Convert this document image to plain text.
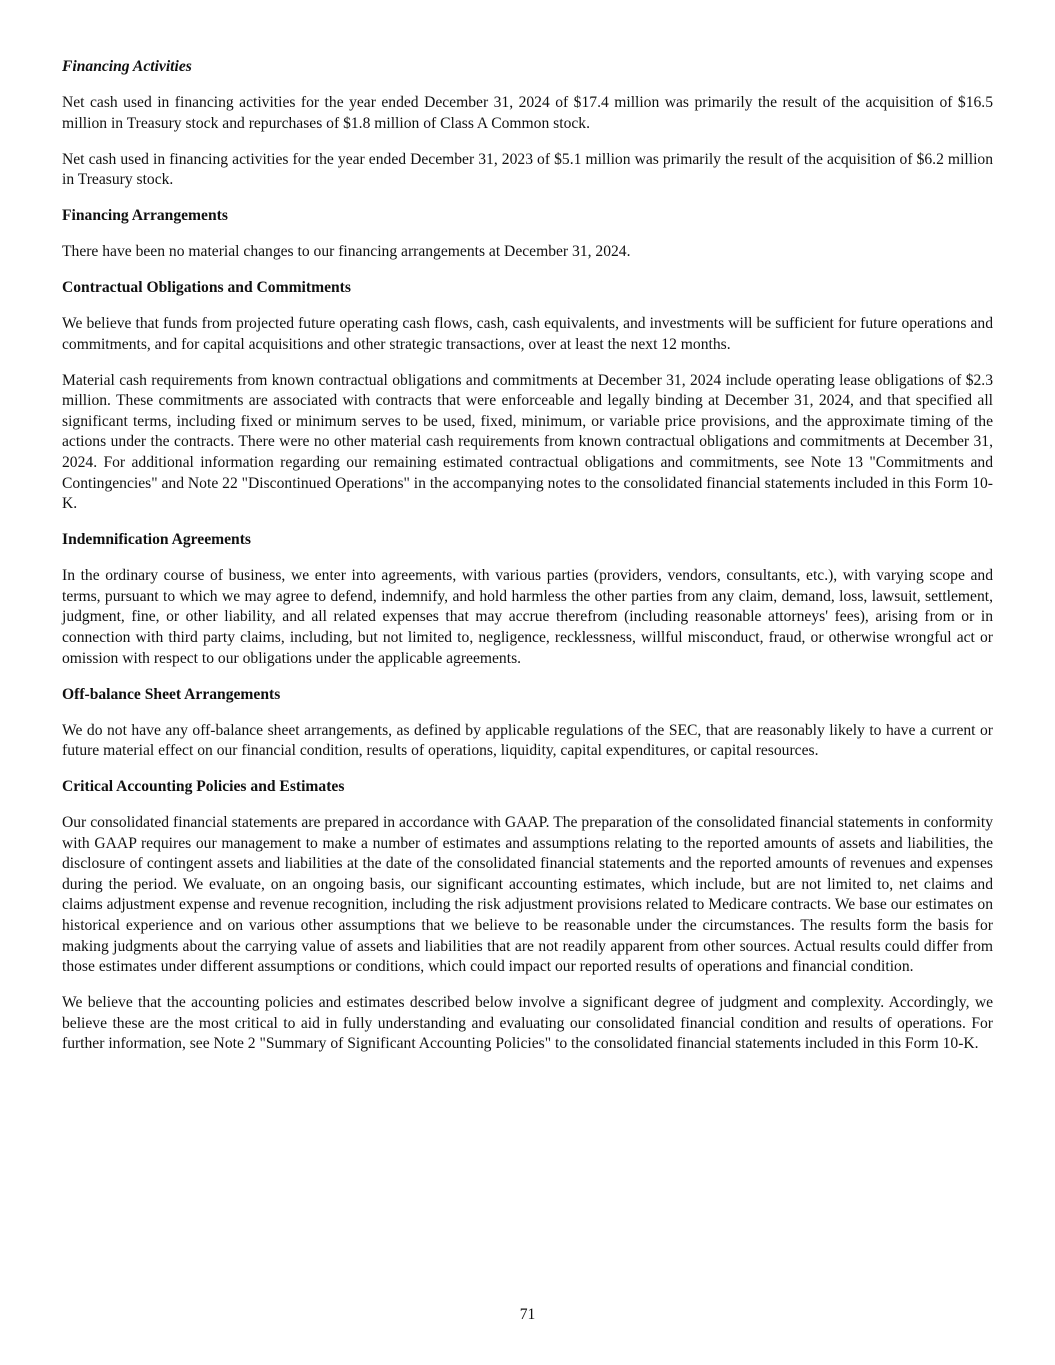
Financing Activities

Net cash used in financing activities for the year ended December 31, 2024 of $17.4 million was primarily the result of the acquisition of $16.5 million in Treasury stock and repurchases of $1.8 million of Class A Common stock.

Net cash used in financing activities for the year ended December 31, 2023 of $5.1 million was primarily the result of the acquisition of $6.2 million in Treasury stock.

Financing Arrangements

There have been no material changes to our financing arrangements at December 31, 2024.

Contractual Obligations and Commitments

We believe that funds from projected future operating cash flows, cash, cash equivalents, and investments will be sufficient for future operations and commitments, and for capital acquisitions and other strategic transactions, over at least the next 12 months.

Material cash requirements from known contractual obligations and commitments at December 31, 2024 include operating lease obligations of $2.3 million. These commitments are associated with contracts that were enforceable and legally binding at December 31, 2024, and that specified all significant terms, including fixed or minimum serves to be used, fixed, minimum, or variable price provisions, and the approximate timing of the actions under the contracts. There were no other material cash requirements from known contractual obligations and commitments at December 31, 2024. For additional information regarding our remaining estimated contractual obligations and commitments, see Note 13 "Commitments and Contingencies" and Note 22 "Discontinued Operations" in the accompanying notes to the consolidated financial statements included in this Form 10-K.

Indemnification Agreements

In the ordinary course of business, we enter into agreements, with various parties (providers, vendors, consultants, etc.), with varying scope and terms, pursuant to which we may agree to defend, indemnify, and hold harmless the other parties from any claim, demand, loss, lawsuit, settlement, judgment, fine, or other liability, and all related expenses that may accrue therefrom (including reasonable attorneys' fees), arising from or in connection with third party claims, including, but not limited to, negligence, recklessness, willful misconduct, fraud, or otherwise wrongful act or omission with respect to our obligations under the applicable agreements.

Off-balance Sheet Arrangements

We do not have any off-balance sheet arrangements, as defined by applicable regulations of the SEC, that are reasonably likely to have a current or future material effect on our financial condition, results of operations, liquidity, capital expenditures, or capital resources.

Critical Accounting Policies and Estimates

Our consolidated financial statements are prepared in accordance with GAAP. The preparation of the consolidated financial statements in conformity with GAAP requires our management to make a number of estimates and assumptions relating to the reported amounts of assets and liabilities, the disclosure of contingent assets and liabilities at the date of the consolidated financial statements and the reported amounts of revenues and expenses during the period. We evaluate, on an ongoing basis, our significant accounting estimates, which include, but are not limited to, net claims and claims adjustment expense and revenue recognition, including the risk adjustment provisions related to Medicare contracts. We base our estimates on historical experience and on various other assumptions that we believe to be reasonable under the circumstances. The results form the basis for making judgments about the carrying value of assets and liabilities that are not readily apparent from other sources. Actual results could differ from those estimates under different assumptions or conditions, which could impact our reported results of operations and financial condition.

We believe that the accounting policies and estimates described below involve a significant degree of judgment and complexity. Accordingly, we believe these are the most critical to aid in fully understanding and evaluating our consolidated financial condition and results of operations. For further information, see Note 2 "Summary of Significant Accounting Policies" to the consolidated financial statements included in this Form 10-K.

71
